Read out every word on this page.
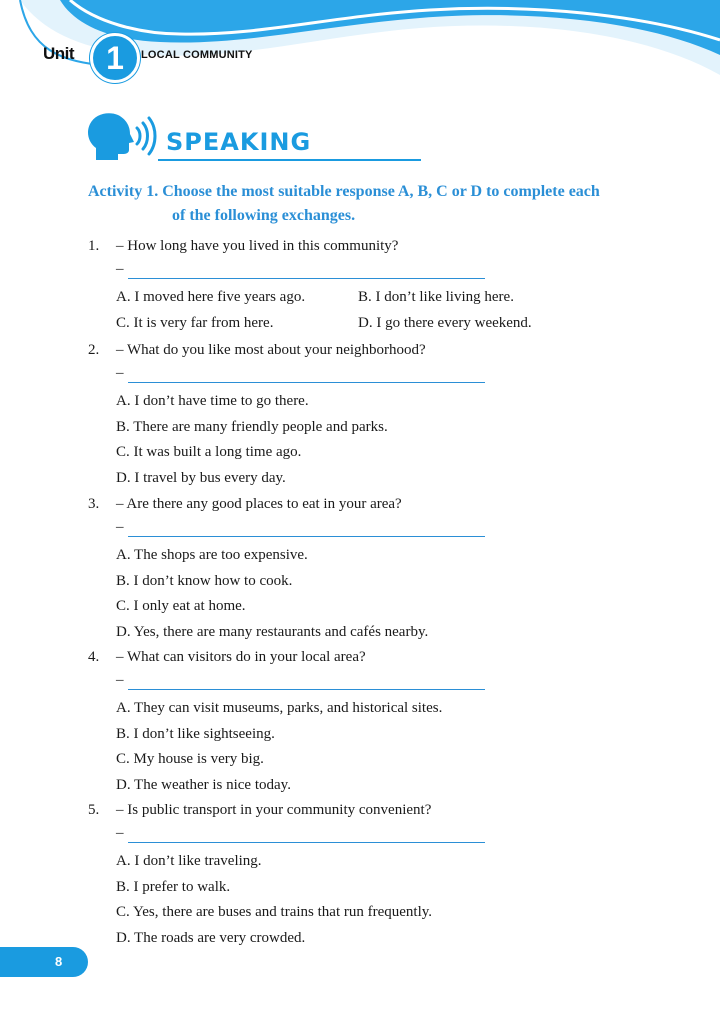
Unit	1	LOCAL COMMUNITY
SPEAKING
Activity 1. Choose the most suitable response A, B, C or D to complete each
of the following exchanges.
1. – How long have you lived in this community?
–
A. I moved here five years ago.	B. I don’t like living here.
C. It is very far from here.	D. I go there every weekend.
2. – What do you like most about your neighborhood?
–
A. I don’t have time to go there.
B. There are many friendly people and parks.
C. It was built a long time ago.
D. I travel by bus every day.
3. – Are there any good places to eat in your area?
–
A. The shops are too expensive.
B. I don’t know how to cook.
C. I only eat at home.
D. Yes, there are many restaurants and cafés nearby.
4. – What can visitors do in your local area?
–
A. They can visit museums, parks, and historical sites.
B. I don’t like sightseeing.
C. My house is very big.
D. The weather is nice today.
5. – Is public transport in your community convenient?
–
A. I don’t like traveling.
B. I prefer to walk.
C. Yes, there are buses and trains that run frequently.
D. The roads are very crowded.
8
